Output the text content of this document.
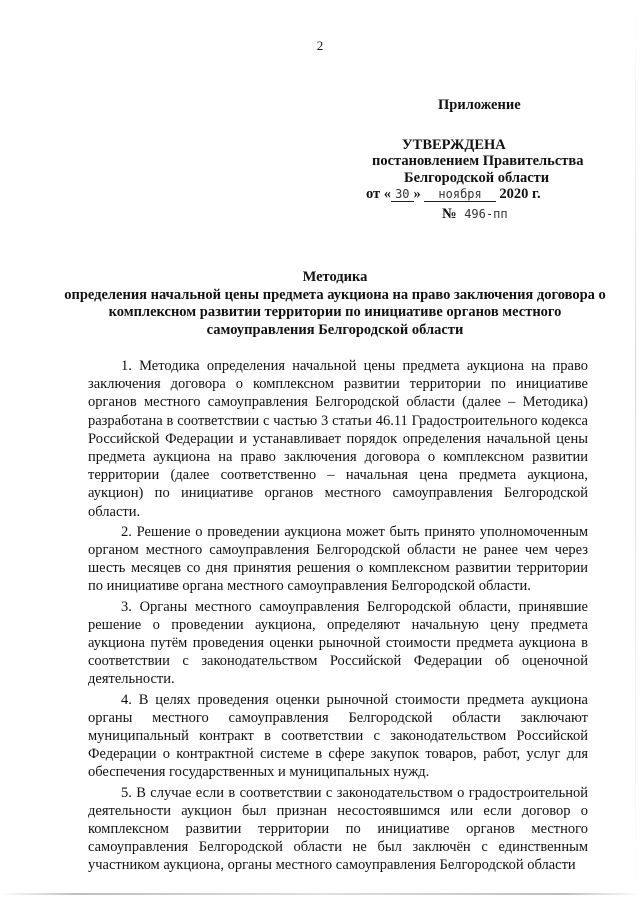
2
Приложение
УТВЕРЖДЕНА
постановлением Правительства
Белгородской области
от « 30 » ноября 2020 г.
№ 496-пп
Методика
определения начальной цены предмета аукциона на право заключения договора о комплексном развитии территории по инициативе органов местного самоуправления Белгородской области

1. Методика определения начальной цены предмета аукциона на право заключения договора о комплексном развитии территории по инициативе органов местного самоуправления Белгородской области (далее – Методика) разработана в соответствии с частью 3 статьи 46.11 Градостроительного кодекса Российской Федерации и устанавливает порядок определения начальной цены предмета аукциона на право заключения договора о комплексном развитии территории (далее соответственно – начальная цена предмета аукциона, аукцион) по инициативе органов местного самоуправления Белгородской области.

2. Решение о проведении аукциона может быть принято уполномоченным органом местного самоуправления Белгородской области не ранее чем через шесть месяцев со дня принятия решения о комплексном развитии территории по инициативе органа местного самоуправления Белгородской области.

3. Органы местного самоуправления Белгородской области, принявшие решение о проведении аукциона, определяют начальную цену предмета аукциона путём проведения оценки рыночной стоимости предмета аукциона в соответствии с законодательством Российской Федерации об оценочной деятельности.

4. В целях проведения оценки рыночной стоимости предмета аукциона органы местного самоуправления Белгородской области заключают муниципальный контракт в соответствии с законодательством Российской Федерации о контрактной системе в сфере закупок товаров, работ, услуг для обеспечения государственных и муниципальных нужд.

5. В случае если в соответствии с законодательством о градостроительной деятельности аукцион был признан несостоявшимся или если договор о комплексном развитии территории по инициативе органов местного самоуправления Белгородской области не был заключён с единственным участником аукциона, органы местного самоуправления Белгородской области
